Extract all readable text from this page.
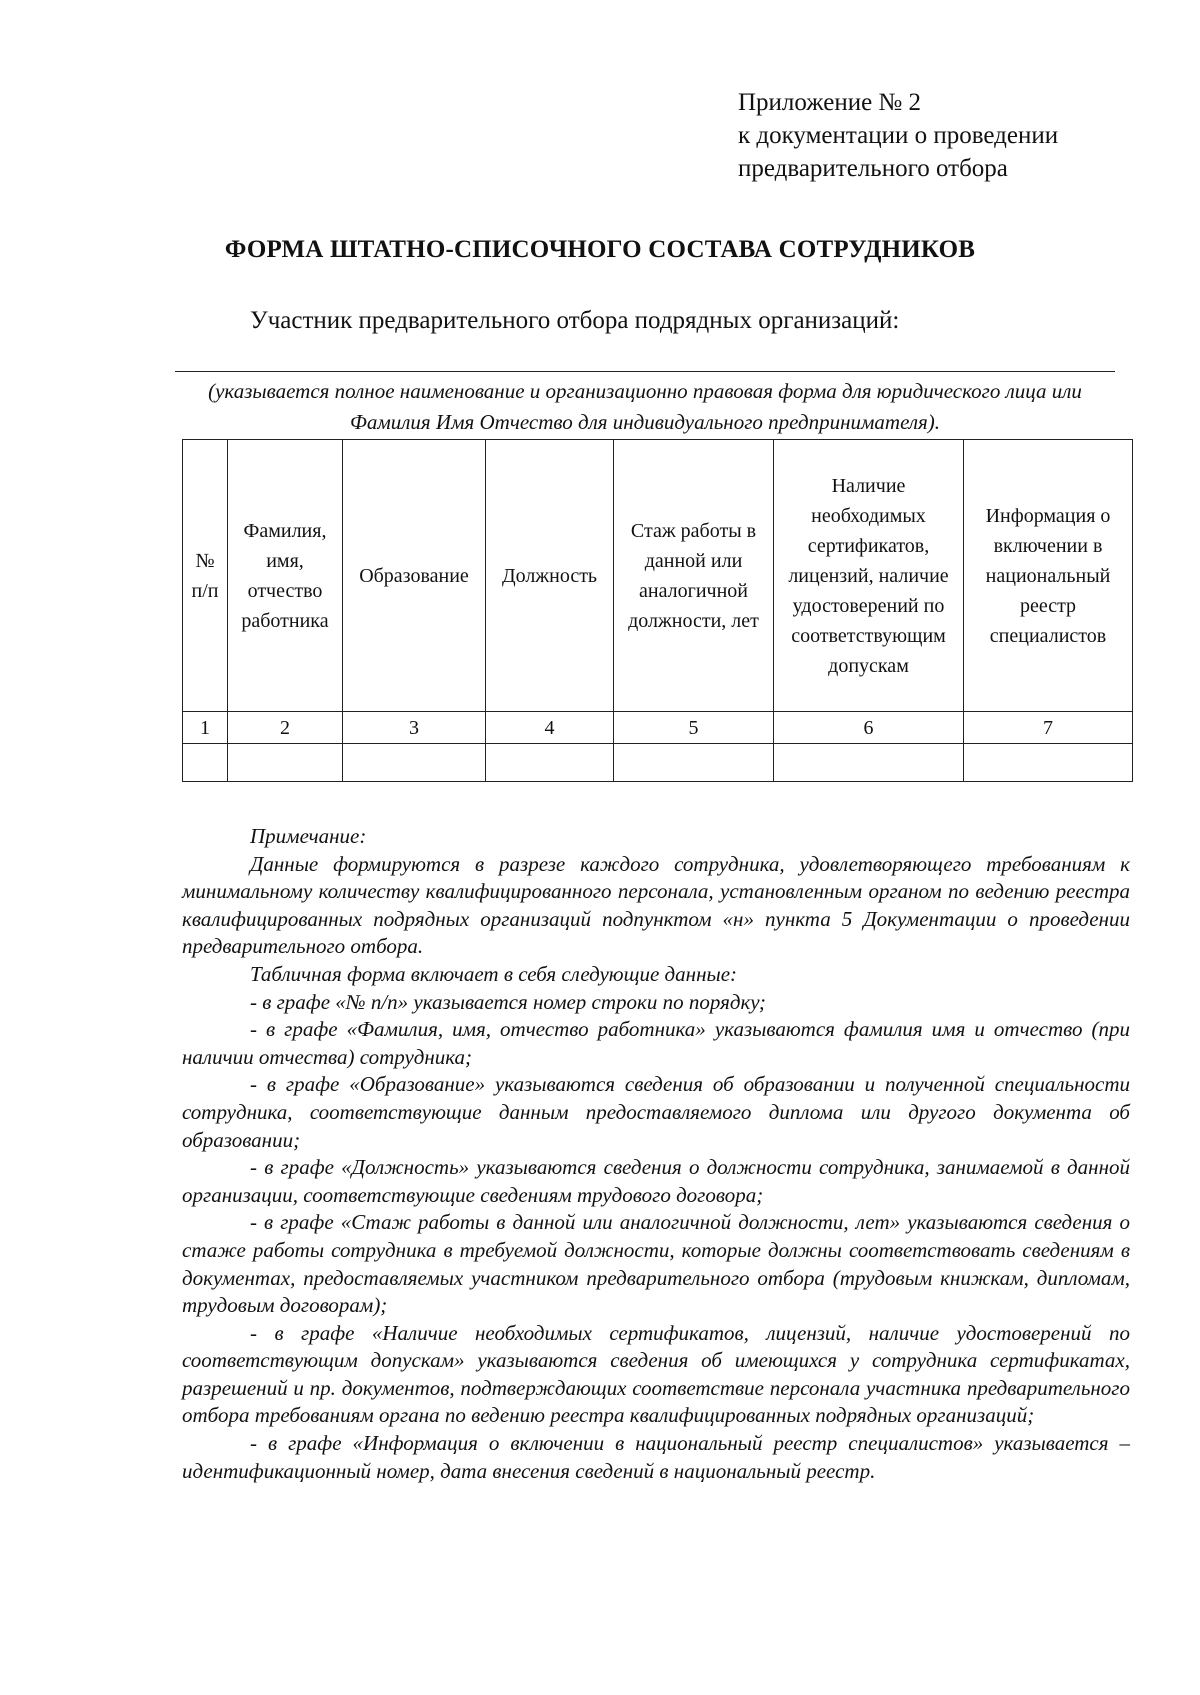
Приложение № 2
к документации о проведении
предварительного отбора
ФОРМА ШТАТНО-СПИСОЧНОГО СОСТАВА СОТРУДНИКОВ
Участник предварительного отбора подрядных организаций:
(указывается полное наименование и организационно правовая форма для юридического лица или Фамилия Имя Отчество для индивидуального предпринимателя).
№ п/п	Фамилия, имя, отчество работника	Образование	Должность	Стаж работы в данной или аналогичной должности, лет	Наличие необходимых сертификатов, лицензий, наличие удостоверений по соответствующим допускам	Информация о включении в национальный реестр специалистов
1	2	3	4	5	6	7

Примечание:

Данные формируются в разрезе каждого сотрудника, удовлетворяющего требованиям к минимальному количеству квалифицированного персонала, установленным органом по ведению реестра квалифицированных подрядных организаций подпунктом «н» пункта 5 Документации о проведении предварительного отбора.

Табличная форма включает в себя следующие данные:

- в графе «№ п/п» указывается номер строки по порядку;

- в графе «Фамилия, имя, отчество работника» указываются фамилия имя и отчество (при наличии отчества) сотрудника;

- в графе «Образование» указываются сведения об образовании и полученной специальности сотрудника, соответствующие данным предоставляемого диплома или другого документа об образовании;

- в графе «Должность» указываются сведения о должности сотрудника, занимаемой в данной организации, соответствующие сведениям трудового договора;

- в графе «Стаж работы в данной или аналогичной должности, лет» указываются сведения о стаже работы сотрудника в требуемой должности, которые должны соответствовать сведениям в документах, предоставляемых участником предварительного отбора (трудовым книжкам, дипломам, трудовым договорам);

- в графе «Наличие необходимых сертификатов, лицензий, наличие удостоверений по соответствующим допускам» указываются сведения об имеющихся у сотрудника сертификатах, разрешений и пр. документов, подтверждающих соответствие персонала участника предварительного отбора требованиям органа по ведению реестра квалифицированных подрядных организаций;

- в графе «Информация о включении в национальный реестр специалистов» указывается – идентификационный номер, дата внесения сведений в национальный реестр.
